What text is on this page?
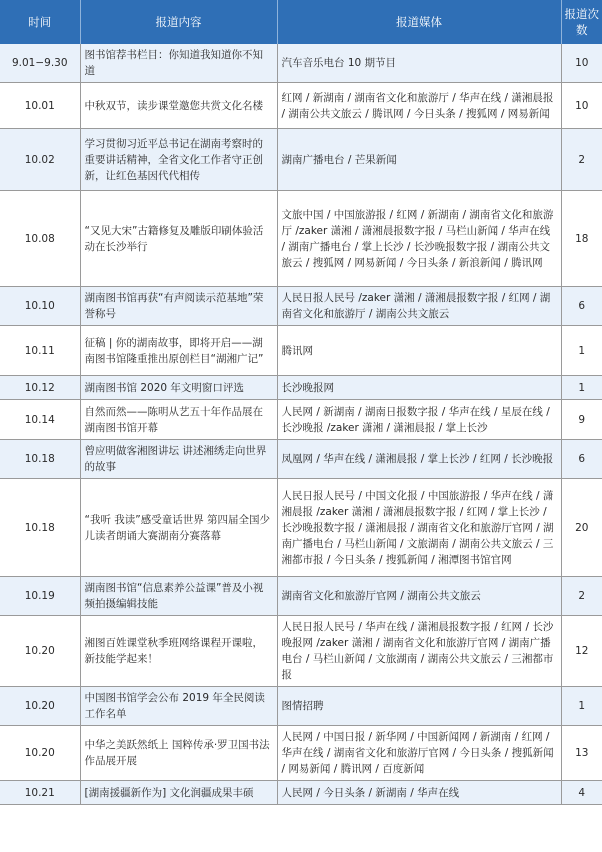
时间	报道内容	报道媒体	报道次数
9.01−9.30	图书馆荐书栏目：你知道我知道你不知道	汽车音乐电台 10 期节目	10
10.01	中秋双节，读步课堂邀您共赏文化名楼	红网 / 新湖南 / 湖南省文化和旅游厅 / 华声在线 / 潇湘晨报 / 湖南公共文旅云 / 腾讯网 / 今日头条 / 搜狐网 / 网易新闻	10
10.02	学习贯彻习近平总书记在湖南考察时的重要讲话精神，全省文化工作者守正创新，让红色基因代代相传	湖南广播电台 / 芒果新闻	2
10.08	“又见大宋”古籍修复及雕版印刷体验活动在长沙举行	文旅中国 / 中国旅游报 / 红网 / 新湖南 / 湖南省文化和旅游厅 /zaker 潇湘 / 潇湘晨报数字报 / 马栏山新闻 / 华声在线 / 湖南广播电台 / 掌上长沙 / 长沙晚报数字报 / 湖南公共文旅云 / 搜狐网 / 网易新闻 / 今日头条 / 新浪新闻 / 腾讯网	18
10.10	湖南图书馆再获“有声阅读示范基地”荣誉称号	人民日报人民号 /zaker 潇湘 / 潇湘晨报数字报 / 红网 / 湖南省文化和旅游厅 / 湖南公共文旅云	6
10.11	征稿 | 你的湖南故事，即将开启——湖南图书馆隆重推出原创栏目“湖湘广记”	腾讯网	1
10.12	湖南图书馆 2020 年文明窗口评选	长沙晚报网	1
10.14	自然而然——陈明从艺五十年作品展在湖南图书馆开幕	人民网 / 新湖南 / 湖南日报数字报 / 华声在线 / 星辰在线 / 长沙晚报 /zaker 潇湘 / 潇湘晨报 / 掌上长沙	9
10.18	曾应明做客湘图讲坛 讲述湘绣走向世界的故事	凤凰网 / 华声在线 / 潇湘晨报 / 掌上长沙 / 红网 / 长沙晚报	6
10.18	“我听 我读”感受童话世界 第四届全国少儿读者朗诵大赛湖南分赛落幕	人民日报人民号 / 中国文化报 / 中国旅游报 / 华声在线 / 潇湘晨报 /zaker 潇湘 / 潇湘晨报数字报 / 红网 / 掌上长沙 / 长沙晚报数字报 / 潇湘晨报 / 湖南省文化和旅游厅官网 / 湖南广播电台 / 马栏山新闻 / 文旅湖南 / 湖南公共文旅云 / 三湘都市报 / 今日头条 / 搜狐新闻 / 湘潭图书馆官网	20
10.19	湖南图书馆“信息素养公益课”普及小视频拍摄编辑技能	湖南省文化和旅游厅官网 / 湖南公共文旅云	2
10.20	湘图百姓课堂秋季班网络课程开课啦，新技能学起来！	人民日报人民号 / 华声在线 / 潇湘晨报数字报 / 红网 / 长沙晚报网 /zaker 潇湘 / 湖南省文化和旅游厅官网 / 湖南广播电台 / 马栏山新闻 / 文旅湖南 / 湖南公共文旅云 / 三湘都市报	12
10.20	中国图书馆学会公布 2019 年全民阅读工作名单	图情招聘	1
10.20	中华之美跃然纸上 国粹传承·罗卫国书法作品展开展	人民网 / 中国日报 / 新华网 / 中国新闻网 / 新湖南 / 红网 / 华声在线 / 湖南省文化和旅游厅官网 / 今日头条 / 搜狐新闻 / 网易新闻 / 腾讯网 / 百度新闻	13
10.21	[湖南援疆新作为] 文化润疆成果丰硕	人民网 / 今日头条 / 新湖南 / 华声在线	4
